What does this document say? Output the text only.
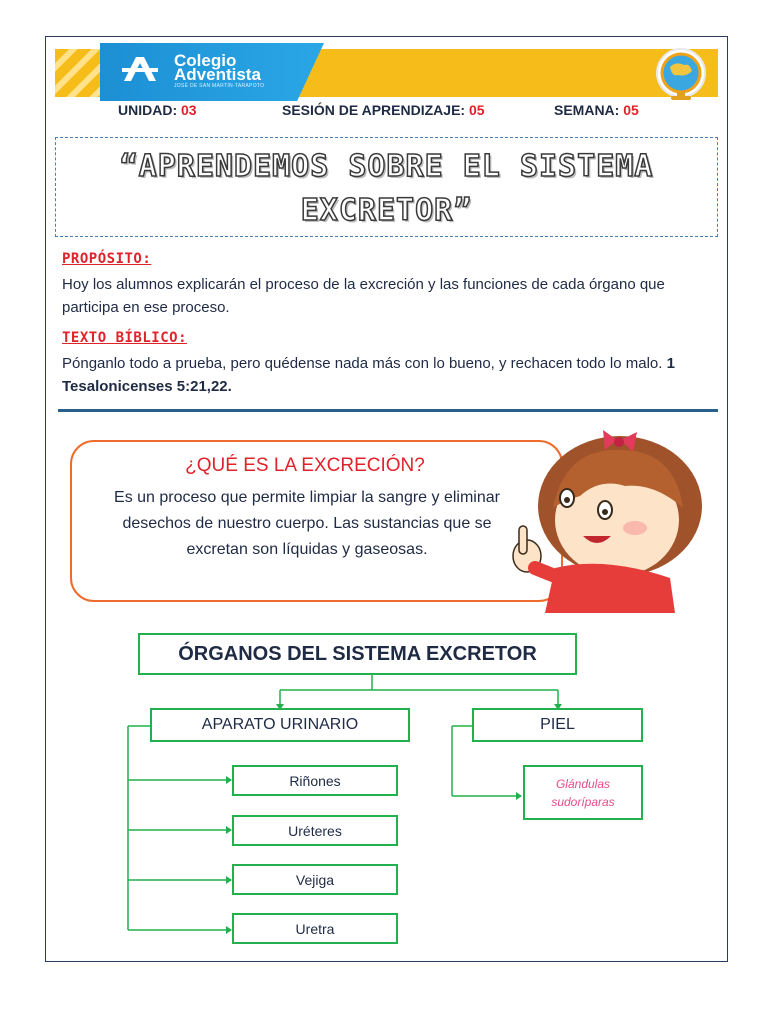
Colegio
Adventista
JOSÉ DE SAN MARTÍN-TARAPOTO
UNIDAD: 03	SESIÓN DE APRENDIZAJE: 05	SEMANA: 05
“APRENDEMOS SOBRE EL SISTEMA
EXCRETOR”
PROPÓSITO:
Hoy los alumnos explicarán el proceso de la excreción y las funciones de cada órgano que participa en ese proceso.
TEXTO BÍBLICO:
Pónganlo todo a prueba, pero quédense nada más con lo bueno, y rechacen todo lo malo. 1 Tesalonicenses 5:21,22.
¿QUÉ ES LA EXCRECIÓN?
Es un proceso que permite limpiar la sangre y eliminar desechos de nuestro cuerpo. Las sustancias que se excretan son líquidas y gaseosas.
ÓRGANOS DEL SISTEMA EXCRETOR
APARATO URINARIO	PIEL
Riñones
Uréteres
Vejiga
Uretra
Glándulas sudoríparas
